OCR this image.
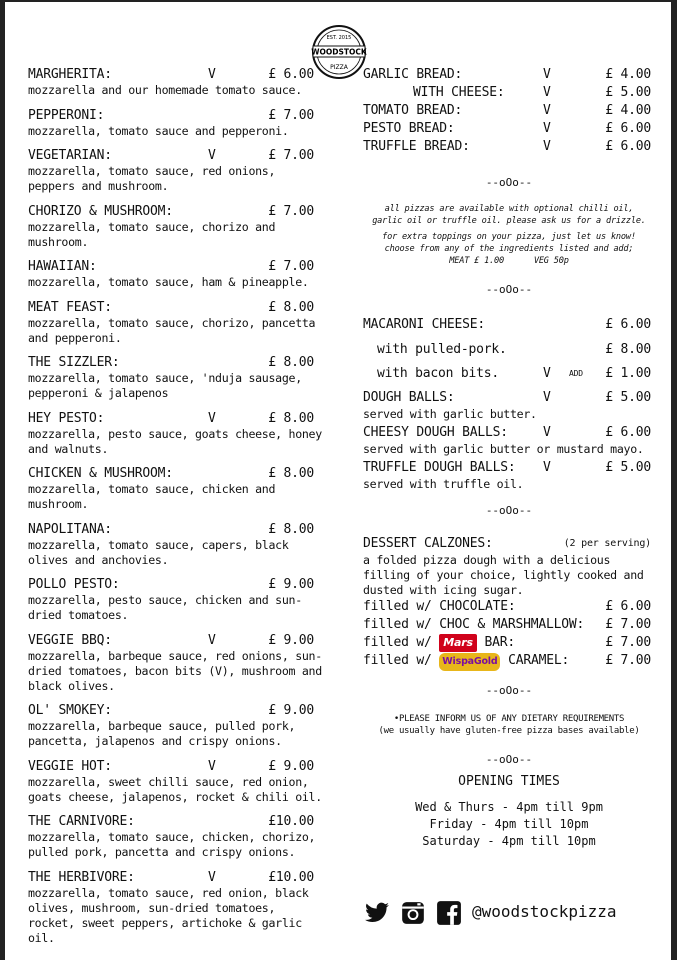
EST. 2015
WOODSTOCK
PIZZA
MARGHERITA:	V	£ 6.00
mozzarella and our homemade tomato sauce.
PEPPERONI:	£ 7.00
mozzarella, tomato sauce and pepperoni.
VEGETARIAN:	V	£ 7.00
mozzarella, tomato sauce, red onions, peppers and mushroom.
CHORIZO & MUSHROOM:	£ 7.00
mozzarella, tomato sauce, chorizo and mushroom.
HAWAIIAN:	£ 7.00
mozzarella, tomato sauce, ham & pineapple.
MEAT FEAST:	£ 8.00
mozzarella, tomato sauce, chorizo, pancetta and pepperoni.
THE SIZZLER:	£ 8.00
mozzarella, tomato sauce, 'nduja sausage, pepperoni & jalapenos
HEY PESTO:	V	£ 8.00
mozzarella, pesto sauce, goats cheese, honey and walnuts.
CHICKEN & MUSHROOM:	£ 8.00
mozzarella, tomato sauce, chicken and mushroom.
NAPOLITANA:	£ 8.00
mozzarella, tomato sauce, capers, black olives and anchovies.
POLLO PESTO:	£ 9.00
mozzarella, pesto sauce, chicken and sun-dried tomatoes.
VEGGIE BBQ:	V	£ 9.00
mozzarella, barbeque sauce, red onions, sun-dried tomatoes, bacon bits (V), mushroom and black olives.
OL' SMOKEY:	£ 9.00
mozzarella, barbeque sauce, pulled pork, pancetta, jalapenos and crispy onions.
VEGGIE HOT:	V	£ 9.00
mozzarella, sweet chilli sauce, red onion, goats cheese, jalapenos, rocket & chili oil.
THE CARNIVORE:	£10.00
mozzarella, tomato sauce, chicken, chorizo, pulled pork, pancetta and crispy onions.
THE HERBIVORE:	V	£10.00
mozzarella, tomato sauce, red onion, black olives, mushroom, sun-dried tomatoes, rocket, sweet peppers, artichoke & garlic oil.
GARLIC BREAD:	V	£ 4.00
WITH CHEESE:	V	£ 5.00
TOMATO BREAD:	V	£ 4.00
PESTO BREAD:	V	£ 6.00
TRUFFLE BREAD:	V	£ 6.00
--oOo--
all pizzas are available with optional chilli oil,
garlic oil or truffle oil. please ask us for a drizzle.
for extra toppings on your pizza, just let us know!
choose from any of the ingredients listed and add;
MEAT £ 1.00	VEG 50p
--oOo--
MACARONI CHEESE:	£ 6.00
with pulled-pork.	£ 8.00
with bacon bits.	V ADD £ 1.00
DOUGH BALLS:	V	£ 5.00
served with garlic butter.
CHEESY DOUGH BALLS:	V	£ 6.00
served with garlic butter or mustard mayo.
TRUFFLE DOUGH BALLS: V	£ 5.00
served with truffle oil.
--oOo--
DESSERT CALZONES:	(2 per serving)
a folded pizza dough with a delicious
filling of your choice, lightly cooked and
dusted with icing sugar.
filled w/ CHOCOLATE:	£ 6.00
filled w/ CHOC & MARSHMALLOW: £ 7.00
filled w/ Mars BAR:	£ 7.00
filled w/ WispaGold CARAMEL:	£ 7.00
--oOo--
•PLEASE INFORM US OF ANY DIETARY REQUIREMENTS
(we usually have gluten-free pizza bases available)
--oOo--
OPENING TIMES
Wed & Thurs - 4pm till 9pm
Friday - 4pm till 10pm
Saturday - 4pm till 10pm
@woodstockpizza
